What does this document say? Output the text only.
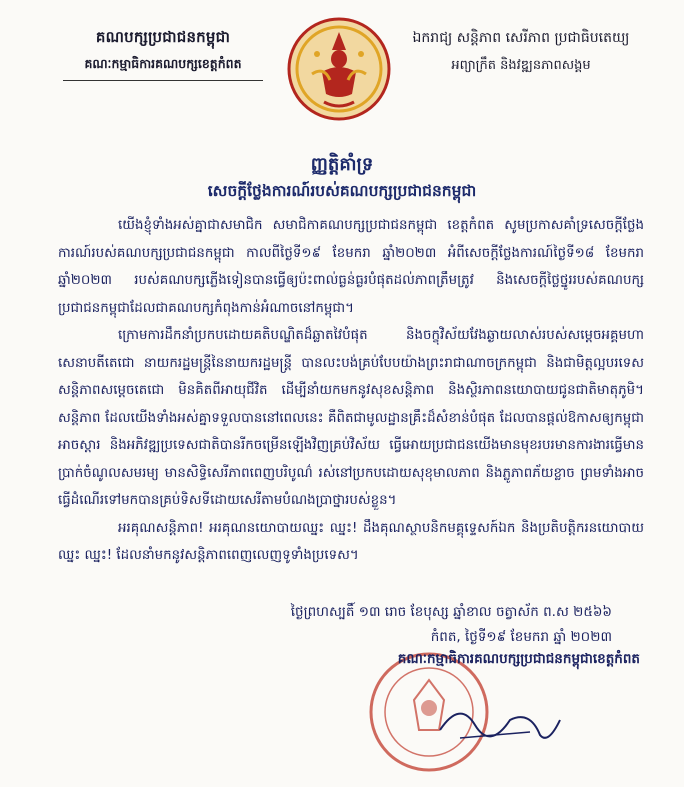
គណបក្សប្រជាជនកម្ពុជា
គណៈកម្មាធិការគណបក្សខេត្តកំពត
ឯករាជ្យ សន្តិភាព សេរីភាព ប្រជាធិបតេយ្យ
អព្យាក្រឹត និងវឌ្ឍនភាពសង្គម
ញ្ញត្តិគាំទ្រ
សេចក្តីថ្លែងការណ៍របស់គណបក្សប្រជាជនកម្ពុជា

យើងខ្ញុំទាំងអស់គ្នាជាសមាជិក សមាជិកាគណបក្សប្រជាជនកម្ពុជា ខេត្តកំពត សូមប្រកាសគាំទ្រសេចក្តីថ្លែងការណ៍របស់គណបក្សប្រជាជនកម្ពុជា កាលពីថ្ងៃទី១៩ ខែមករា ឆ្នាំ២០២៣ អំពីសេចក្តីថ្លែងការណ៍ថ្ងៃទី១៨ ខែមករា ឆ្នាំ២០២៣ របស់គណបក្សភ្លើងទៀនបានធ្វើឲ្យប៉ះពាល់ធ្ងន់ធ្ងរបំផុតដល់ភាពត្រឹមត្រូវ និងសេចក្តីថ្លៃថ្នូររបស់គណបក្សប្រជាជនកម្ពុជាដែលជាគណបក្សកំពុងកាន់អំណាចនៅកម្ពុជា។

ក្រោមការដឹកនាំប្រកបដោយគតិបណ្ឌិតដ៏ឆ្លាតវៃបំផុត និងចក្ខុវិស័យវែងឆ្ងាយលាស់របស់សម្តេចអគ្គមហាសេនាបតីតេជោ នាយករដ្ឋមន្ត្រីនៃនាយករដ្ឋមន្ត្រី បានលះបង់គ្រប់បែបយ៉ាងព្រះរាជាណាចក្រកម្ពុជា និងជាមិត្តល្អបរទេសសន្តិភាពសម្តេចតេជោ មិនគិតពីអាយុជីវិត ដើម្បីនាំយកមកនូវសុខសន្តិភាព និងស្ថិរភាពនយោបាយជូនជាតិមាតុភូមិ។ សន្តិភាព ដែលយើងទាំងអស់គ្នាទទួលបាននៅពេលនេះ គឺពិតជាមូលដ្ឋានគ្រឹះដ៏សំខាន់បំផុត ដែលបានផ្តល់ឱកាសឲ្យកម្ពុជាអាចស្តារ និងអភិវឌ្ឍប្រទេសជាតិបានរីកចម្រើនឡើងវិញគ្រប់វិស័យ ធ្វើអោយប្រជាជនយើងមានមុខរបរមានការងារធ្វើមានប្រាក់ចំណូលសមរម្យ មានសិទ្ធិសេរីភាពពេញបរិបូណ៌ រស់នៅប្រកបដោយសុខុមាលភាព និងភ្លូភាពភ័យខ្លាច ព្រមទាំងអាចធ្វើដំណើរទៅមកបានគ្រប់ទិសទីដោយសេរីតាមបំណងប្រាថ្នារបស់ខ្លួន។

អរគុណសន្តិភាព! អរគុណនយោបាយឈ្នះ ឈ្នះ! ដឹងគុណស្ថាបនិកមគ្គុទ្ទេសក៍ឯក និងប្រតិបត្តិករនយោបាយ ឈ្នះ ឈ្នះ! ដែលនាំមកនូវសន្តិភាពពេញលេញទូទាំងប្រទេស។

ថ្ងៃព្រហស្បតិ៍ ១៣ រោច ខែបុស្ស ឆ្នាំខាល ចត្វាស័ក ព.ស ២៥៦៦
កំពត, ថ្ងៃទី១៩ ខែមករា ឆ្នាំ ២០២៣
គណៈកម្មាធិការគណបក្សប្រជាជនកម្ពុជាខេត្តកំពត
